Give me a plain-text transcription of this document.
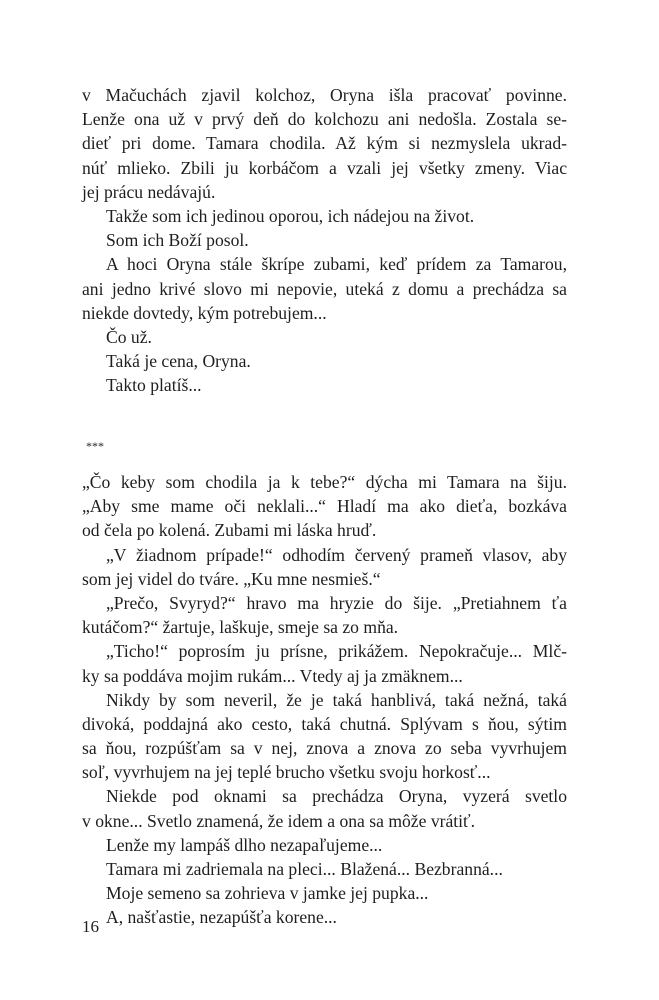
v Mačuchách zjavil kolchoz, Oryna išla pracovať povinne.
Lenže ona už v prvý deň do kolchozu ani nedošla. Zostala se-
dieť pri dome. Tamara chodila. Až kým si nezmyslela ukrad-
núť mlieko. Zbili ju korbáčom a vzali jej všetky zmeny. Viac
jej prácu nedávajú.
Takže som ich jedinou oporou, ich nádejou na život.
Som ich Boží posol.
A hoci Oryna stále škrípe zubami, keď prídem za Tamarou,
ani jedno krivé slovo mi nepovie, uteká z domu a prechádza sa
niekde dovtedy, kým potrebujem...
Čo už.
Taká je cena, Oryna.
Takto platíš...
***
„Čo keby som chodila ja k tebe?“ dýcha mi Tamara na šiju.
„Aby sme mame oči neklali...“ Hladí ma ako dieťa, bozkáva
od čela po kolená. Zubami mi láska hruď.
„V žiadnom prípade!“ odhodím červený prameň vlasov, aby
som jej videl do tváre. „Ku mne nesmieš.“
„Prečo, Svyryd?“ hravo ma hryzie do šije. „Pretiahnem ťa
kutáčom?“ žartuje, laškuje, smeje sa zo mňa.
„Ticho!“ poprosím ju prísne, prikážem. Nepokračuje... Mlč-
ky sa poddáva mojim rukám... Vtedy aj ja zmäknem...
Nikdy by som neveril, že je taká hanblivá, taká nežná, taká
divoká, poddajná ako cesto, taká chutná. Splývam s ňou, sýtim
sa ňou, rozpúšťam sa v nej, znova a znova zo seba vyvrhujem
soľ, vyvrhujem na jej teplé brucho všetku svoju horkosť...
Niekde pod oknami sa prechádza Oryna, vyzerá svetlo
v okne... Svetlo znamená, že idem a ona sa môže vrátiť.
Lenže my lampáš dlho nezapaľujeme...
Tamara mi zadriemala na pleci... Blažená... Bezbranná...
Moje semeno sa zohrieva v jamke jej pupka...
A, našťastie, nezapúšťa korene...
16
